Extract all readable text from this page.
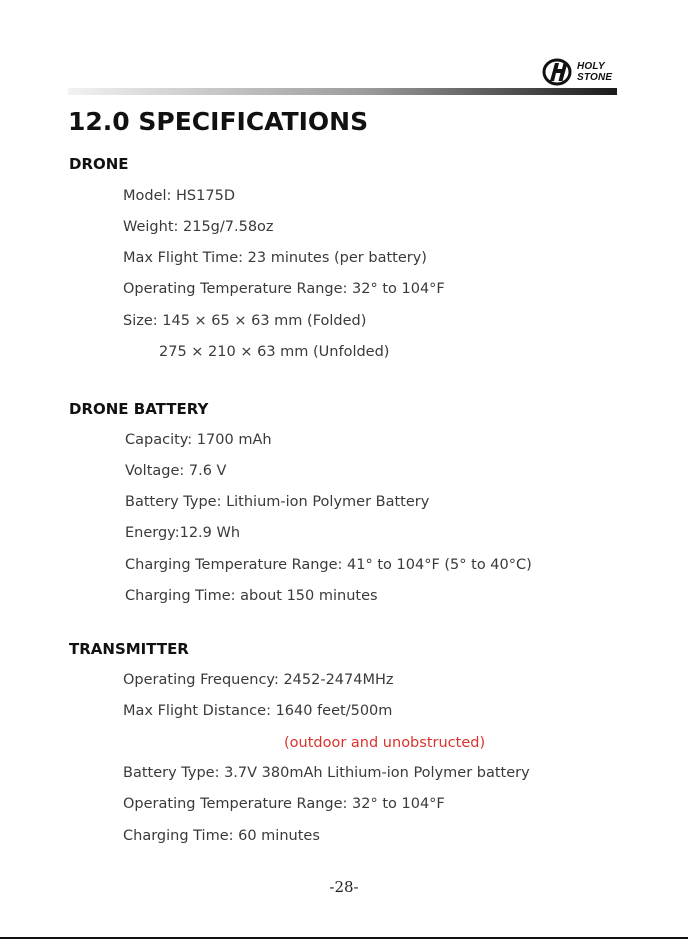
HOLY
STONE
12.0 SPECIFICATIONS
DRONE

Model: HS175D

Weight: 215g/7.58oz

Max Flight Time: 23 minutes (per battery)

Operating Temperature Range: 32° to 104°F

Size: 145 × 65 × 63 mm (Folded)

275 × 210 × 63 mm (Unfolded)

DRONE BATTERY

Capacity: 1700 mAh

Voltage: 7.6 V

Battery Type: Lithium-ion Polymer Battery

Energy:12.9 Wh

Charging Temperature Range: 41° to 104°F (5° to 40°C)

Charging Time: about 150 minutes

TRANSMITTER

Operating Frequency: 2452-2474MHz

Max Flight Distance: 1640 feet/500m

(outdoor and unobstructed)

Battery Type: 3.7V 380mAh Lithium-ion Polymer battery

Operating Temperature Range: 32° to 104°F

Charging Time: 60 minutes

-28-
